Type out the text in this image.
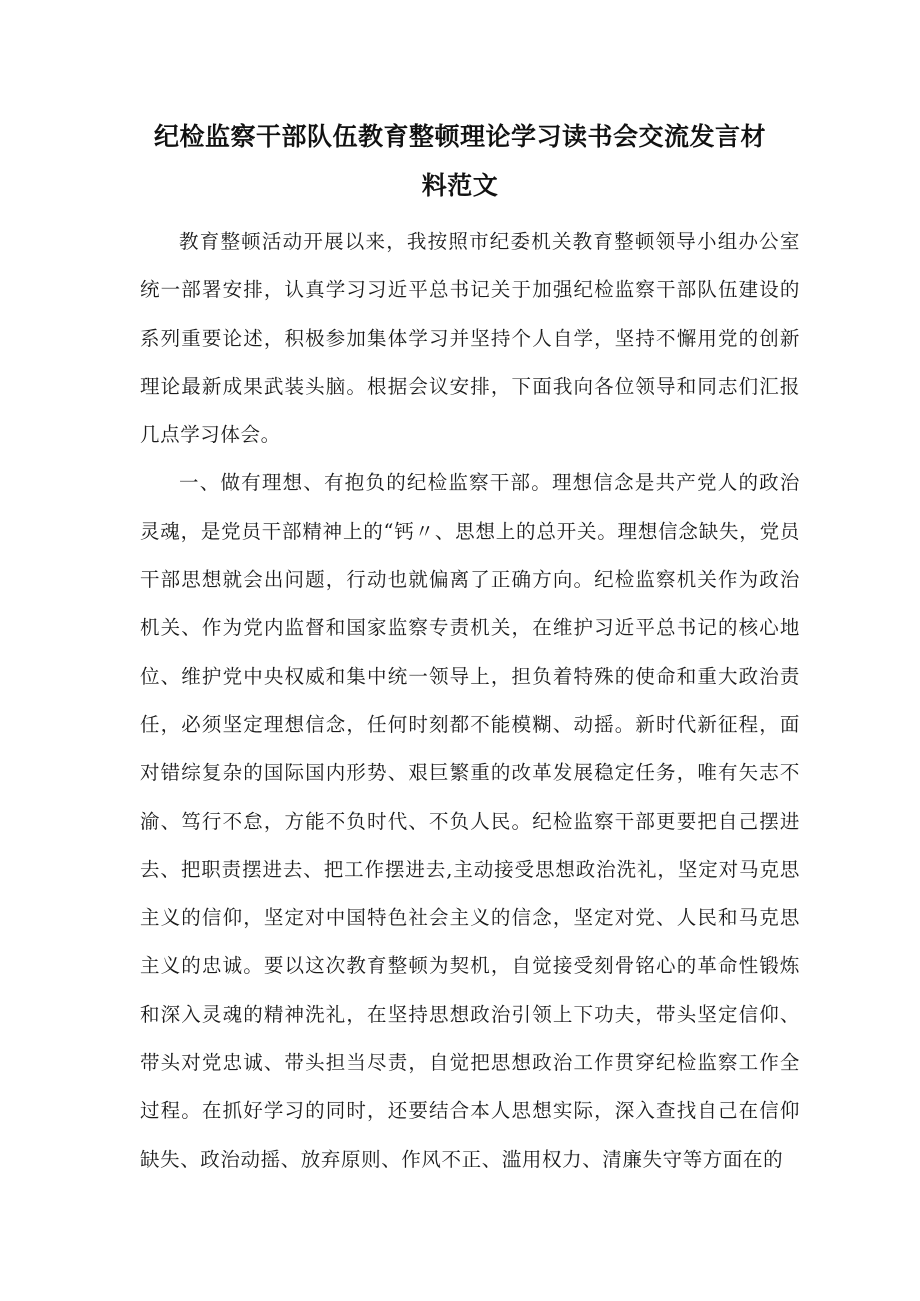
纪检监察干部队伍教育整顿理论学习读书会交流发言材
料范文

教育整顿活动开展以来，我按照市纪委机关教育整顿领导小组办公室统一部署安排，认真学习习近平总书记关于加强纪检监察干部队伍建设的系列重要论述，积极参加集体学习并坚持个人自学，坚持不懈用党的创新理论最新成果武装头脑。根据会议安排，下面我向各位领导和同志们汇报几点学习体会。

一、做有理想、有抱负的纪检监察干部。理想信念是共产党人的政治灵魂，是党员干部精神上的“钙〃、思想上的总开关。理想信念缺失，党员干部思想就会出问题，行动也就偏离了正确方向。纪检监察机关作为政治机关、作为党内监督和国家监察专责机关，在维护习近平总书记的核心地位、维护党中央权威和集中统一领导上，担负着特殊的使命和重大政治责任，必须坚定理想信念，任何时刻都不能模糊、动摇。新时代新征程，面对错综复杂的国际国内形势、艰巨繁重的改革发展稳定任务，唯有矢志不渝、笃行不怠，方能不负时代、不负人民。纪检监察干部更要把自己摆进去、把职责摆进去、把工作摆进去,主动接受思想政治洗礼，坚定对马克思主义的信仰，坚定对中国特色社会主义的信念，坚定对党、人民和马克思主义的忠诚。要以这次教育整顿为契机，自觉接受刻骨铭心的革命性锻炼和深入灵魂的精神洗礼，在坚持思想政治引领上下功夫，带头坚定信仰、带头对党忠诚、带头担当尽责，自觉把思想政治工作贯穿纪检监察工作全过程。在抓好学习的同时，还要结合本人思想实际，深入查找自己在信仰缺失、政治动摇、放弃原则、作风不正、滥用权力、清廉失守等方面在的
